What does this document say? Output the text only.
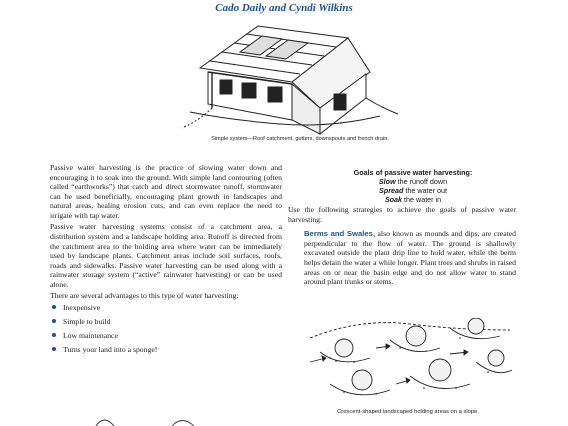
Cado Daily and Cyndi Wilkins
Simple system—Roof catchment, gutters, downspouts and french drain.

Passive water harvesting is the practice of slowing water down and encouraging it to soak into the ground. With simple land contouring (often called “earthworks”) that catch and direct stormwater runoff, stormwater can be used beneficially, encouraging plant growth in landscapes and natural areas, healing erosion cuts, and can even replace the need to irrigate with tap water.

Passive water harvesting systems consist of a catchment area, a distribution system and a landscape holding area. Runoff is directed from the catchment area to the holding area where water can be immediately used by landscape plants. Catchment areas include soil surfaces, roofs, roads and sidewalks. Passive water harvesting can be used along with a rainwater storage system (“active” rainwater harvesting) or can be used alone.

There are several advantages to this type of water harvesting:

Inexpensive
Simple to build
Low maintenance
Turns your land into a sponge!
Goals of passive water harvesting:
Slow the runoff down
Spread the water out
Soak the water in
Use the following strategies to achieve the goals of passive water harvesting:
Berms and Swales, also known as mounds and dips, are created perpendicular to the flow of water. The ground is shallowly excavated outside the plant drip line to hold water, while the berm helps detain the water a while longer. Plant trees and shrubs in raised areas on or near the basin edge and do not allow water to stand around plant trunks or stems.
Crescent-shaped landscaped holding areas on a slope.
